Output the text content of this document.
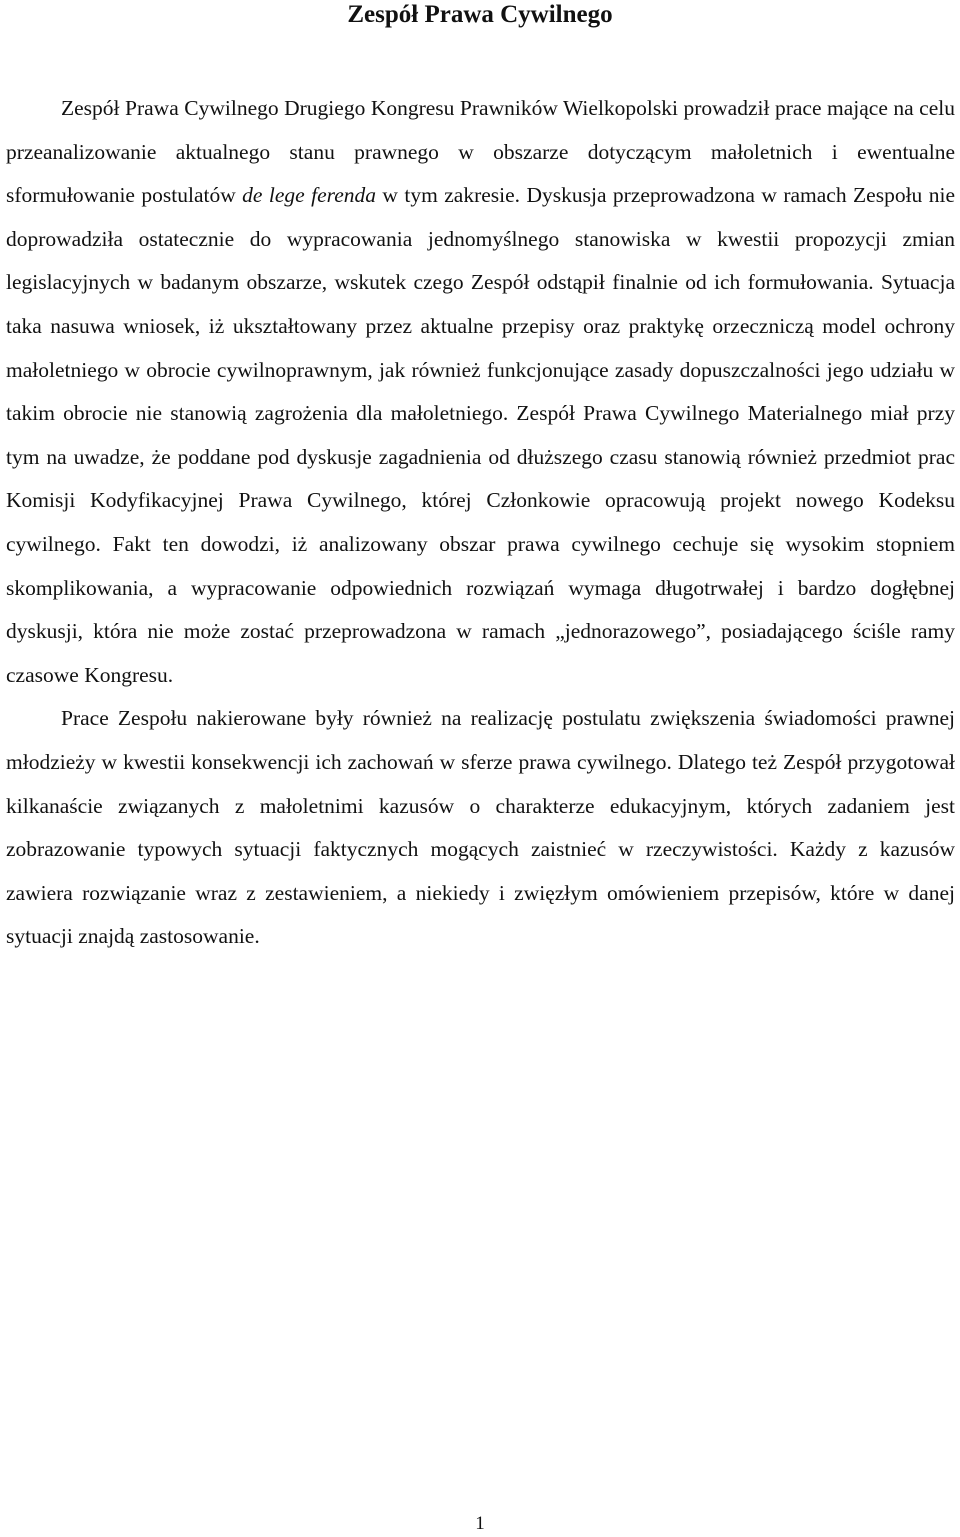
Zespół Prawa Cywilnego

Zespół Prawa Cywilnego Drugiego Kongresu Prawników Wielkopolski prowadził prace mające na celu przeanalizowanie aktualnego stanu prawnego w obszarze dotyczącym małoletnich i ewentualne sformułowanie postulatów de lege ferenda w tym zakresie. Dyskusja przeprowadzona w ramach Zespołu nie doprowadziła ostatecznie do wypracowania jednomyślnego stanowiska w kwestii propozycji zmian legislacyjnych w badanym obszarze, wskutek czego Zespół odstąpił finalnie od ich formułowania. Sytuacja taka nasuwa wniosek, iż ukształtowany przez aktualne przepisy oraz praktykę orzeczniczą model ochrony małoletniego w obrocie cywilnoprawnym, jak również funkcjonujące zasady dopuszczalności jego udziału w takim obrocie nie stanowią zagrożenia dla małoletniego. Zespół Prawa Cywilnego Materialnego miał przy tym na uwadze, że poddane pod dyskusje zagadnienia od dłuższego czasu stanowią również przedmiot prac Komisji Kodyfikacyjnej Prawa Cywilnego, której Członkowie opracowują projekt nowego Kodeksu cywilnego. Fakt ten dowodzi, iż analizowany obszar prawa cywilnego cechuje się wysokim stopniem skomplikowania, a wypracowanie odpowiednich rozwiązań wymaga długotrwałej i bardzo dogłębnej dyskusji, która nie może zostać przeprowadzona w ramach „jednorazowego”, posiadającego ściśle ramy czasowe Kongresu.

Prace Zespołu nakierowane były również na realizację postulatu zwiększenia świadomości prawnej młodzieży w kwestii konsekwencji ich zachowań w sferze prawa cywilnego. Dlatego też Zespół przygotował kilkanaście związanych z małoletnimi kazusów o charakterze edukacyjnym, których zadaniem jest zobrazowanie typowych sytuacji faktycznych mogących zaistnieć w rzeczywistości. Każdy z kazusów zawiera rozwiązanie wraz z zestawieniem, a niekiedy i zwięzłym omówieniem przepisów, które w danej sytuacji znajdą zastosowanie.

1
